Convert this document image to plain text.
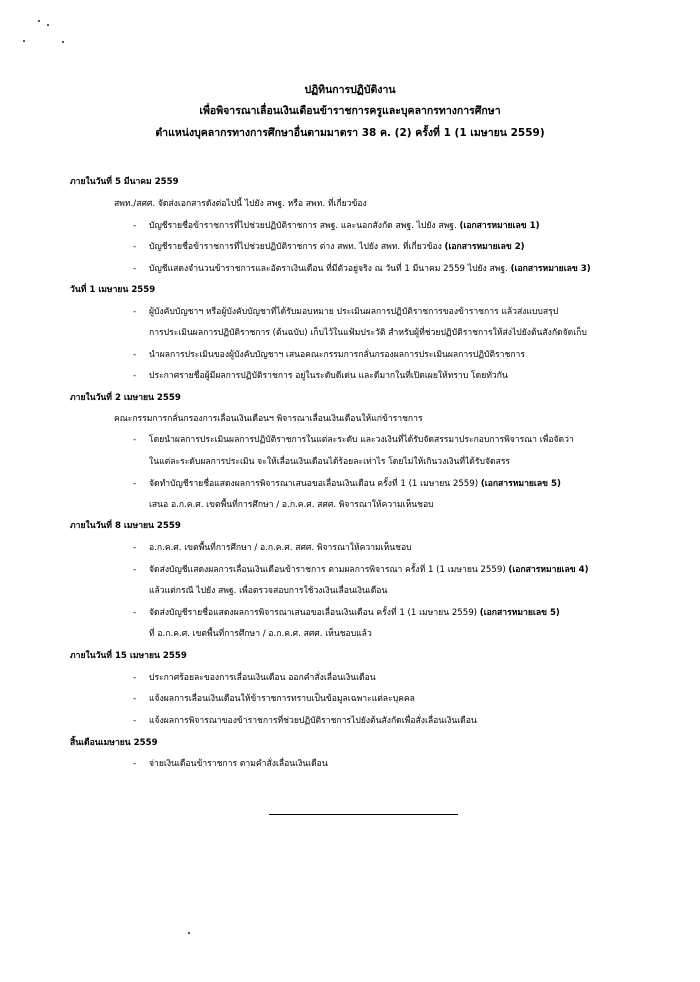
ปฏิทินการปฏิบัติงาน
เพื่อพิจารณาเลื่อนเงินเดือนข้าราชการครูและบุคลากรทางการศึกษา
ตำแหน่งบุคลากรทางการศึกษาอื่นตามมาตรา 38 ค. (2) ครั้งที่ 1 (1 เมษายน 2559)
ภายในวันที่ 5 มีนาคม 2559
สพท./สศศ. จัดส่งเอกสารดังต่อไปนี้ ไปยัง สพฐ. หรือ สพท. ที่เกี่ยวข้อง
- บัญชีรายชื่อข้าราชการที่ไปช่วยปฏิบัติราชการ สพฐ. และนอกสังกัด สพฐ. ไปยัง สพฐ. (เอกสารหมายเลข 1)
- บัญชีรายชื่อข้าราชการที่ไปช่วยปฏิบัติราชการ ต่าง สพท. ไปยัง สพท. ที่เกี่ยวข้อง (เอกสารหมายเลข 2)
- บัญชีแสดงจำนวนข้าราชการและอัตราเงินเดือน ที่มีตัวอยู่จริง ณ วันที่ 1 มีนาคม 2559 ไปยัง สพฐ. (เอกสารหมายเลข 3)
วันที่ 1 เมษายน 2559
- ผู้บังคับบัญชาฯ หรือผู้บังคับบัญชาที่ได้รับมอบหมาย ประเมินผลการปฏิบัติราชการของข้าราชการ แล้วส่งแบบสรุป
การประเมินผลการปฏิบัติราชการ (ต้นฉบับ) เก็บไว้ในแฟ้มประวัติ สำหรับผู้ที่ช่วยปฏิบัติราชการให้ส่งไปยังต้นสังกัดจัดเก็บ
- นำผลการประเมินของผู้บังคับบัญชาฯ เสนอคณะกรรมการกลั่นกรองผลการประเมินผลการปฏิบัติราชการ
- ประกาศรายชื่อผู้มีผลการปฏิบัติราชการ อยู่ในระดับดีเด่น และดีมากในที่เปิดเผยให้ทราบ โดยทั่วกัน
ภายในวันที่ 2 เมษายน 2559
คณะกรรมการกลั่นกรองการเลื่อนเงินเดือนฯ พิจารณาเลื่อนเงินเดือนให้แก่ข้าราชการ
- โดยนำผลการประเมินผลการปฏิบัติราชการในแต่ละระดับ และวงเงินที่ได้รับจัดสรรมาประกอบการพิจารณา เพื่อจัดว่า
ในแต่ละระดับผลการประเมิน จะให้เลื่อนเงินเดือนได้ร้อยละเท่าไร โดยไม่ให้เกินวงเงินที่ได้รับจัดสรร
- จัดทำบัญชีรายชื่อแสดงผลการพิจารณาเสนอขอเลื่อนเงินเดือน ครั้งที่ 1 (1 เมษายน 2559) (เอกสารหมายเลข 5)
เสนอ อ.ก.ค.ศ. เขตพื้นที่การศึกษา / อ.ก.ค.ศ. สศศ. พิจารณาให้ความเห็นชอบ
ภายในวันที่ 8 เมษายน 2559
- อ.ก.ค.ศ. เขตพื้นที่การศึกษา / อ.ก.ค.ศ. สศศ. พิจารณาให้ความเห็นชอบ
- จัดส่งบัญชีแสดงผลการเลื่อนเงินเดือนข้าราชการ ตามผลการพิจารณา ครั้งที่ 1 (1 เมษายน 2559) (เอกสารหมายเลข 4)
แล้วแต่กรณี ไปยัง สพฐ. เพื่อตรวจสอบการใช้วงเงินเลื่อนเงินเดือน
- จัดส่งบัญชีรายชื่อแสดงผลการพิจารณาเสนอขอเลื่อนเงินเดือน ครั้งที่ 1 (1 เมษายน 2559) (เอกสารหมายเลข 5)
ที่ อ.ก.ค.ศ. เขตพื้นที่การศึกษา / อ.ก.ค.ศ. สศศ. เห็นชอบแล้ว
ภายในวันที่ 15 เมษายน 2559
- ประกาศร้อยละของการเลื่อนเงินเดือน ออกคำสั่งเลื่อนเงินเดือน
- แจ้งผลการเลื่อนเงินเดือนให้ข้าราชการทราบเป็นข้อมูลเฉพาะแต่ละบุคคล
- แจ้งผลการพิจารณาของข้าราชการที่ช่วยปฏิบัติราชการไปยังต้นสังกัดเพื่อสั่งเลื่อนเงินเดือน
สิ้นเดือนเมษายน 2559
- จ่ายเงินเดือนข้าราชการ ตามคำสั่งเลื่อนเงินเดือน
